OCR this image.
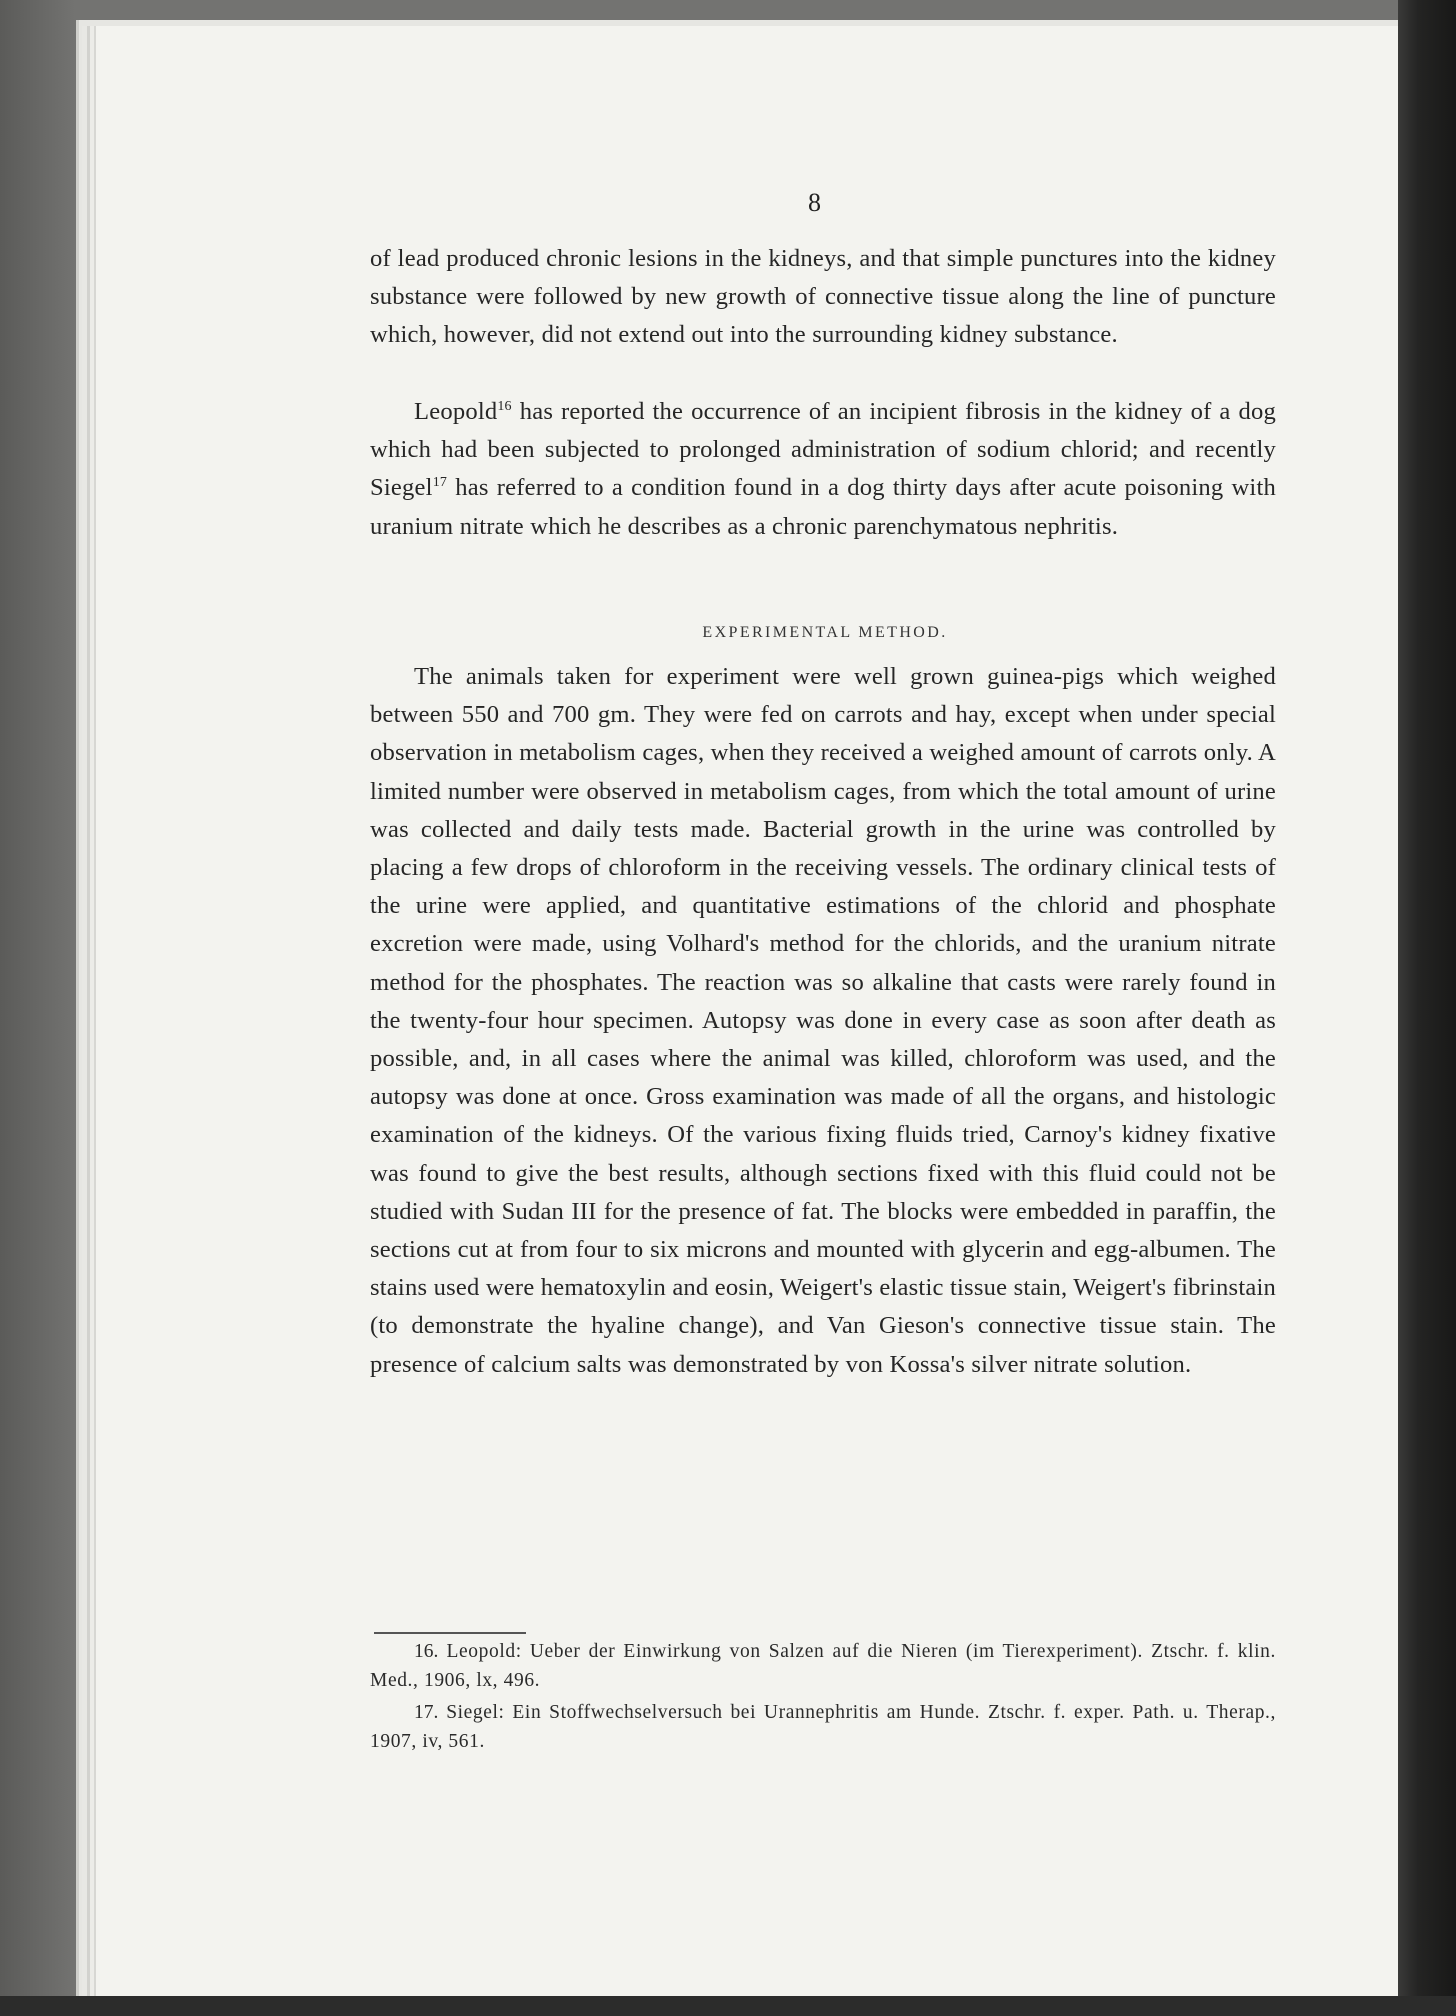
8

of lead produced chronic lesions in the kidneys, and that simple punctures into the kidney substance were followed by new growth of connective tissue along the line of puncture which, however, did not extend out into the surrounding kidney substance.

Leopold$^{16}$ has reported the occurrence of an incipient fibrosis in the kidney of a dog which had been subjected to prolonged administration of sodium chlorid; and recently Siegel$^{17}$ has referred to a condition found in a dog thirty days after acute poisoning with uranium nitrate which he describes as a chronic parenchymatous nephritis.

EXPERIMENTAL METHOD.

The animals taken for experiment were well grown guinea-pigs which weighed between 550 and 700 gm. They were fed on carrots and hay, except when under special observation in metabolism cages, when they received a weighed amount of carrots only. A limited number were observed in metabolism cages, from which the total amount of urine was collected and daily tests made. Bacterial growth in the urine was controlled by placing a few drops of chloroform in the receiving vessels. The ordinary clinical tests of the urine were applied, and quantitative estimations of the chlorid and phosphate excretion were made, using Volhard's method for the chlorids, and the uranium nitrate method for the phosphates. The reaction was so alkaline that casts were rarely found in the twenty-four hour specimen. Autopsy was done in every case as soon after death as possible, and, in all cases where the animal was killed, chloroform was used, and the autopsy was done at once. Gross examination was made of all the organs, and histologic examination of the kidneys. Of the various fixing fluids tried, Carnoy's kidney fixative was found to give the best results, although sections fixed with this fluid could not be studied with Sudan III for the presence of fat. The blocks were embedded in paraffin, the sections cut at from four to six microns and mounted with glycerin and egg-albumen. The stains used were hematoxylin and eosin, Weigert's elastic tissue stain, Weigert's fibrinstain (to demonstrate the hyaline change), and Van Gieson's connective tissue stain. The presence of calcium salts was demonstrated by von Kossa's silver nitrate solution.

16. Leopold: Ueber der Einwirkung von Salzen auf die Nieren (im Tierexperiment). Ztschr. f. klin. Med., 1906, lx, 496.

17. Siegel: Ein Stoffwechselversuch bei Urannephritis am Hunde. Ztschr. f. exper. Path. u. Therap., 1907, iv, 561.
